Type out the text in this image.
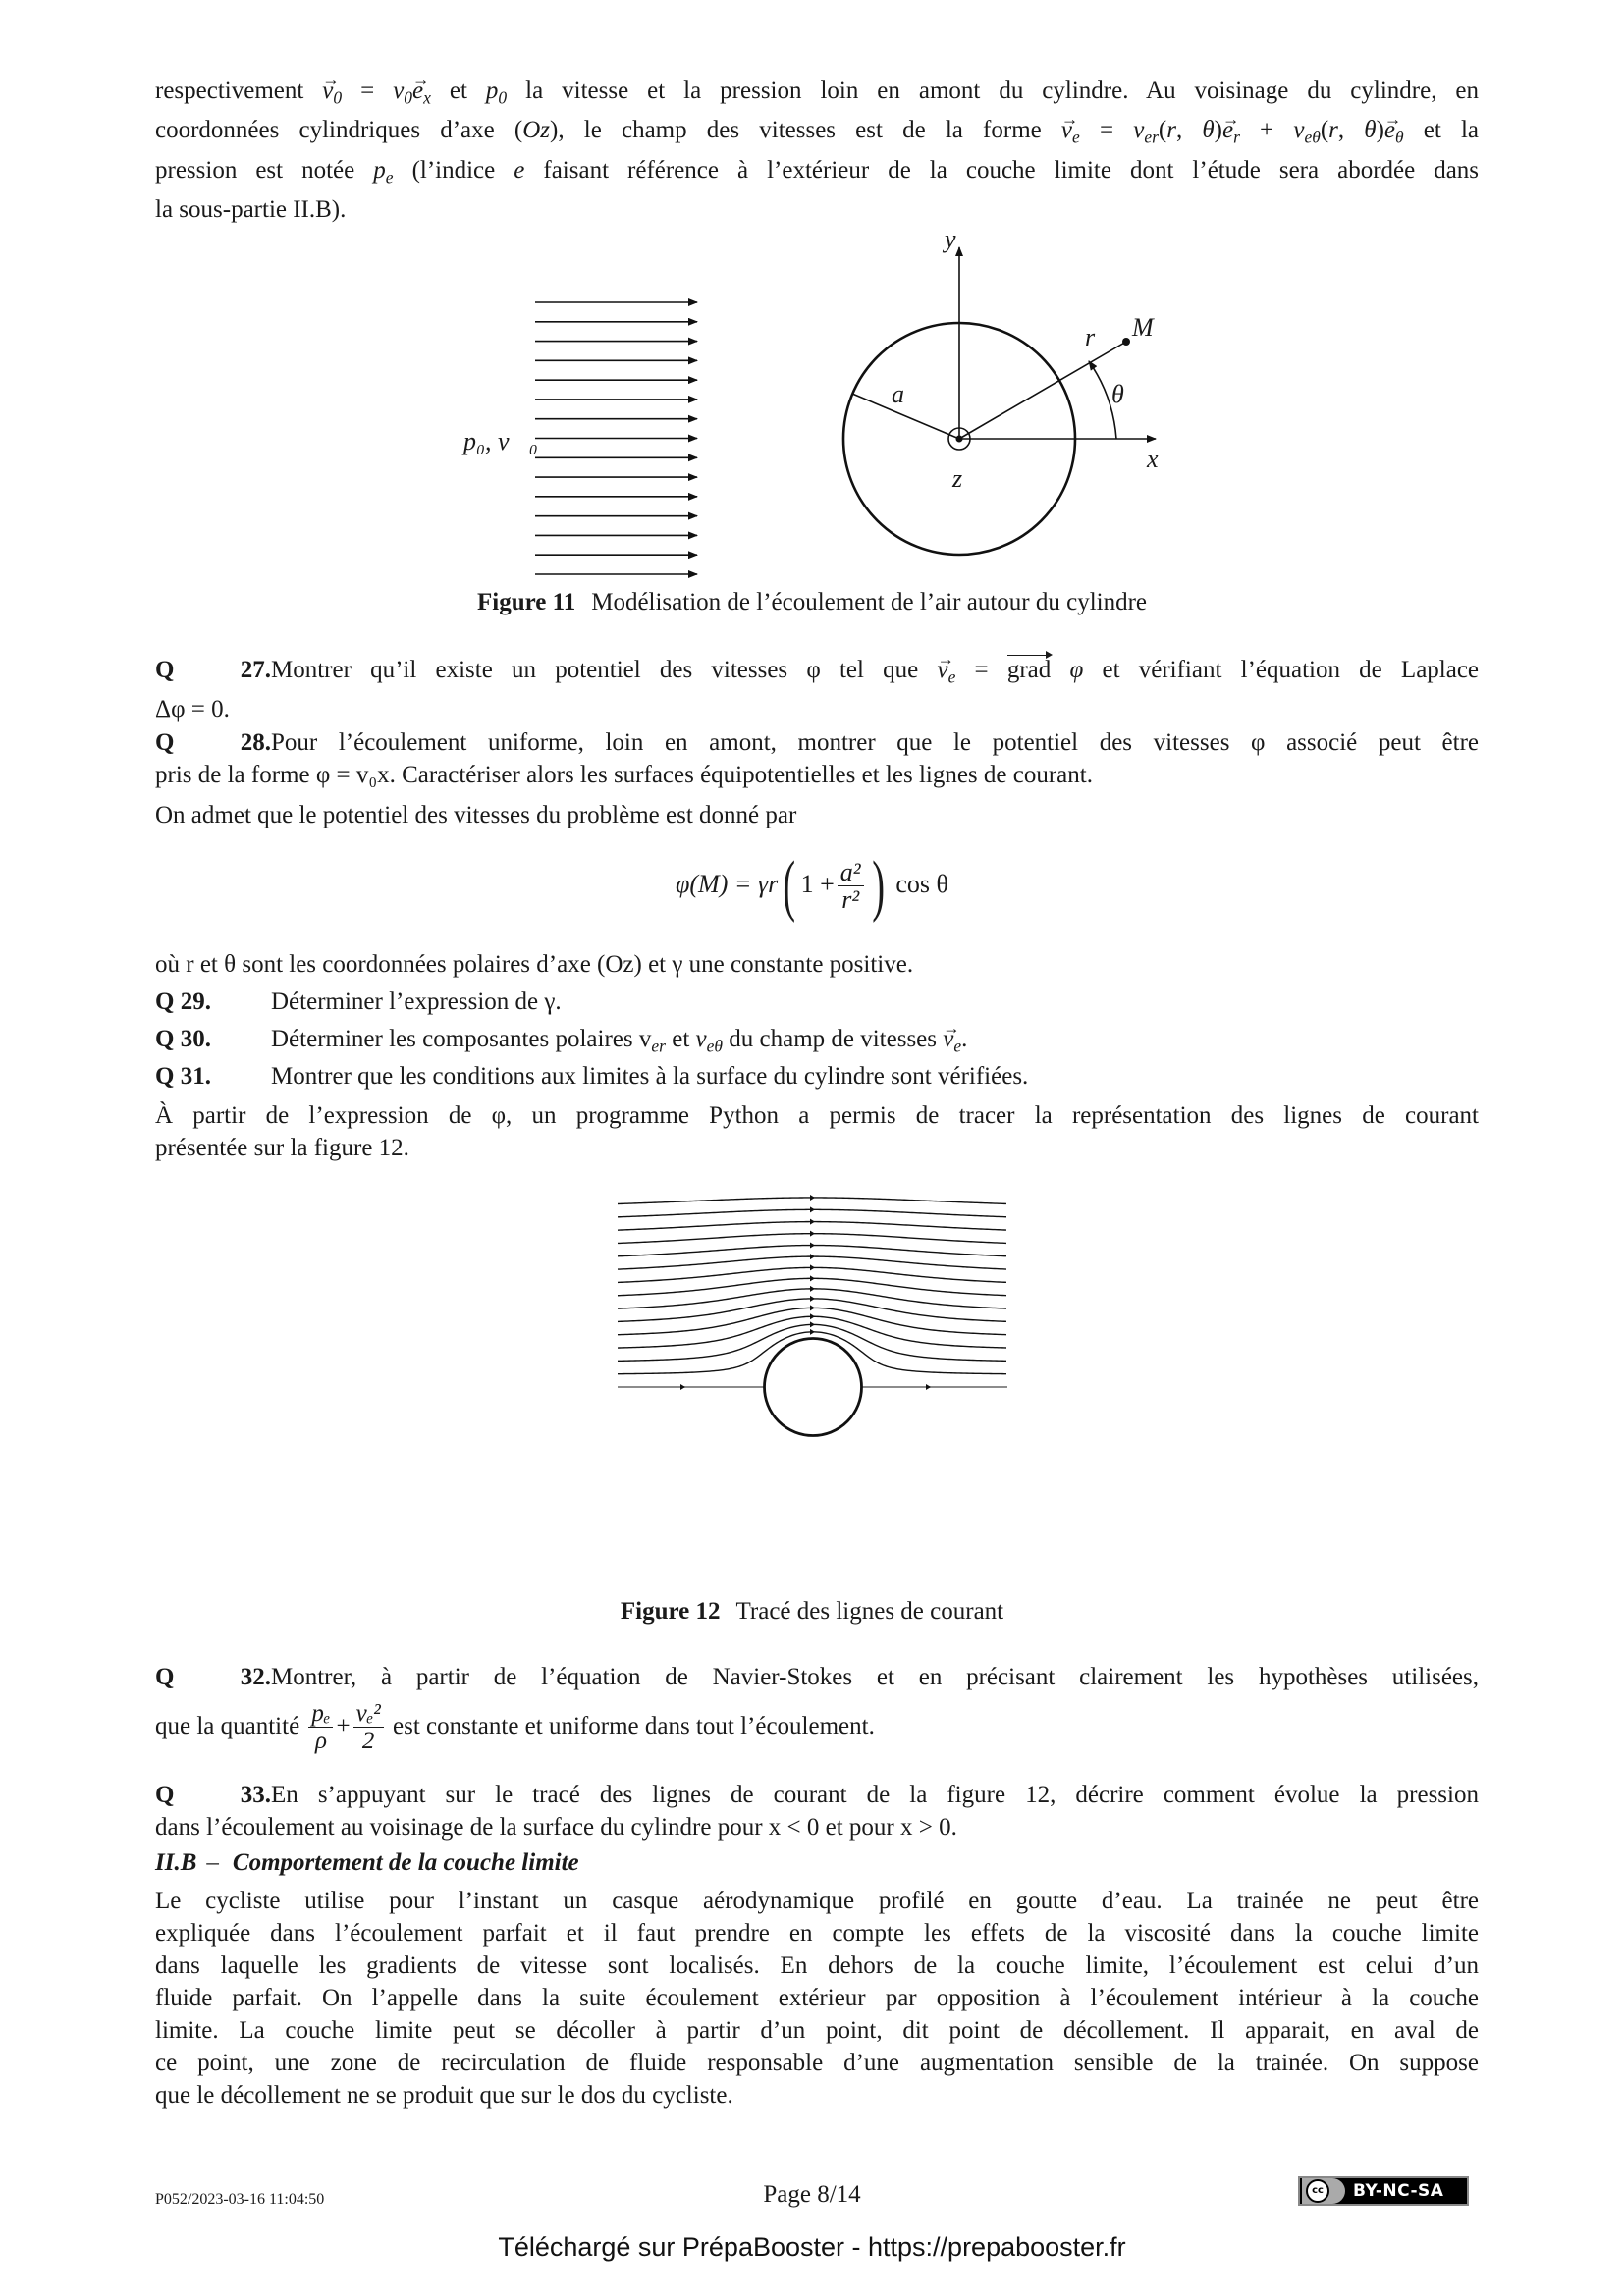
respectivement → $v_0 = v_0\to e_x$ et $p_0$ la vitesse et la pression loin en amont du cylindre. Au voisinage du cylindre, en
coordonnées cylindriques d’axe (Oz), le champ des vitesses est de la forme → $v_e = v_{er}(r$, $\theta)\to e_r + v_{e\theta}(r$, $\theta)\to e_\theta$ et la
pression est notée $p_e$ (l’indice e faisant référence à l’extérieur de la couche limite dont l’étude sera abordée dans
la sous-partie II.B).
p₀, v⃗₀
y
x
z
a
M
r
θ
Figure 11 Modélisation de l’écoulement de l’air autour du cylindre
Q 27.Montrer qu’il existe un potentiel des vitesses φ tel que → $v_e$ = grad φ et vérifiant l’équation de Laplace
Δφ = 0.
Q 28.Pour l’écoulement uniforme, loin en amont, montrer que le potentiel des vitesses φ associé peut être
pris de la forme φ = v₀x. Caractériser alors les surfaces équipotentielles et les lignes de courant.
On admet que le potentiel des vitesses du problème est donné par
φ(M) = γr( $1 + \frac{\text{a²}}{\text{r²}}$ ) cos θ
où r et θ sont les coordonnées polaires d’axe (Oz) et γ une constante positive.
Q 29. Déterminer l’expression de γ.
Q 30. Déterminer les composantes polaires $v_{er}$ et $v_{e\theta}$ du champ de vitesses → $v_e$.
Q 31. Montrer que les conditions aux limites à la surface du cylindre sont vérifiées.
À partir de l’expression de φ, un programme Python a permis de tracer la représentation des lignes de courant
présentée sur la figure 12.
Figure 12 Tracé des lignes de courant
Q 32.Montrer, à partir de l’équation de Navier-Stokes et en précisant clairement les hypothèses utilisées,
que la quantité $\frac{\text{pₑ}}{\rho} + \frac{\text{vₑ²}}{2}$ est constante et uniforme dans tout l’écoulement.
Q 33.En s’appuyant sur le tracé des lignes de courant de la figure 12, décrire comment évolue la pression
dans l’écoulement au voisinage de la surface du cylindre pour x < 0 et pour x > 0.
II.B – Comportement de la couche limite
Le cycliste utilise pour l’instant un casque aérodynamique profilé en goutte d’eau. La trainée ne peut être
expliquée dans l’écoulement parfait et il faut prendre en compte les effets de la viscosité dans la couche limite
dans laquelle les gradients de vitesse sont localisés. En dehors de la couche limite, l’écoulement est celui d’un
fluide parfait. On l’appelle dans la suite écoulement extérieur par opposition à l’écoulement intérieur à la couche
limite. La couche limite peut se décoller à partir d’un point, dit point de décollement. Il apparait, en aval de
ce point, une zone de recirculation de fluide responsable d’une augmentation sensible de la trainée. On suppose
que le décollement ne se produit que sur le dos du cycliste.
P052/2023-03-16 11:04:50	Page 8/14	cc	BY-NC-SA
Téléchargé sur PrépaBooster - https://prepabooster.fr
